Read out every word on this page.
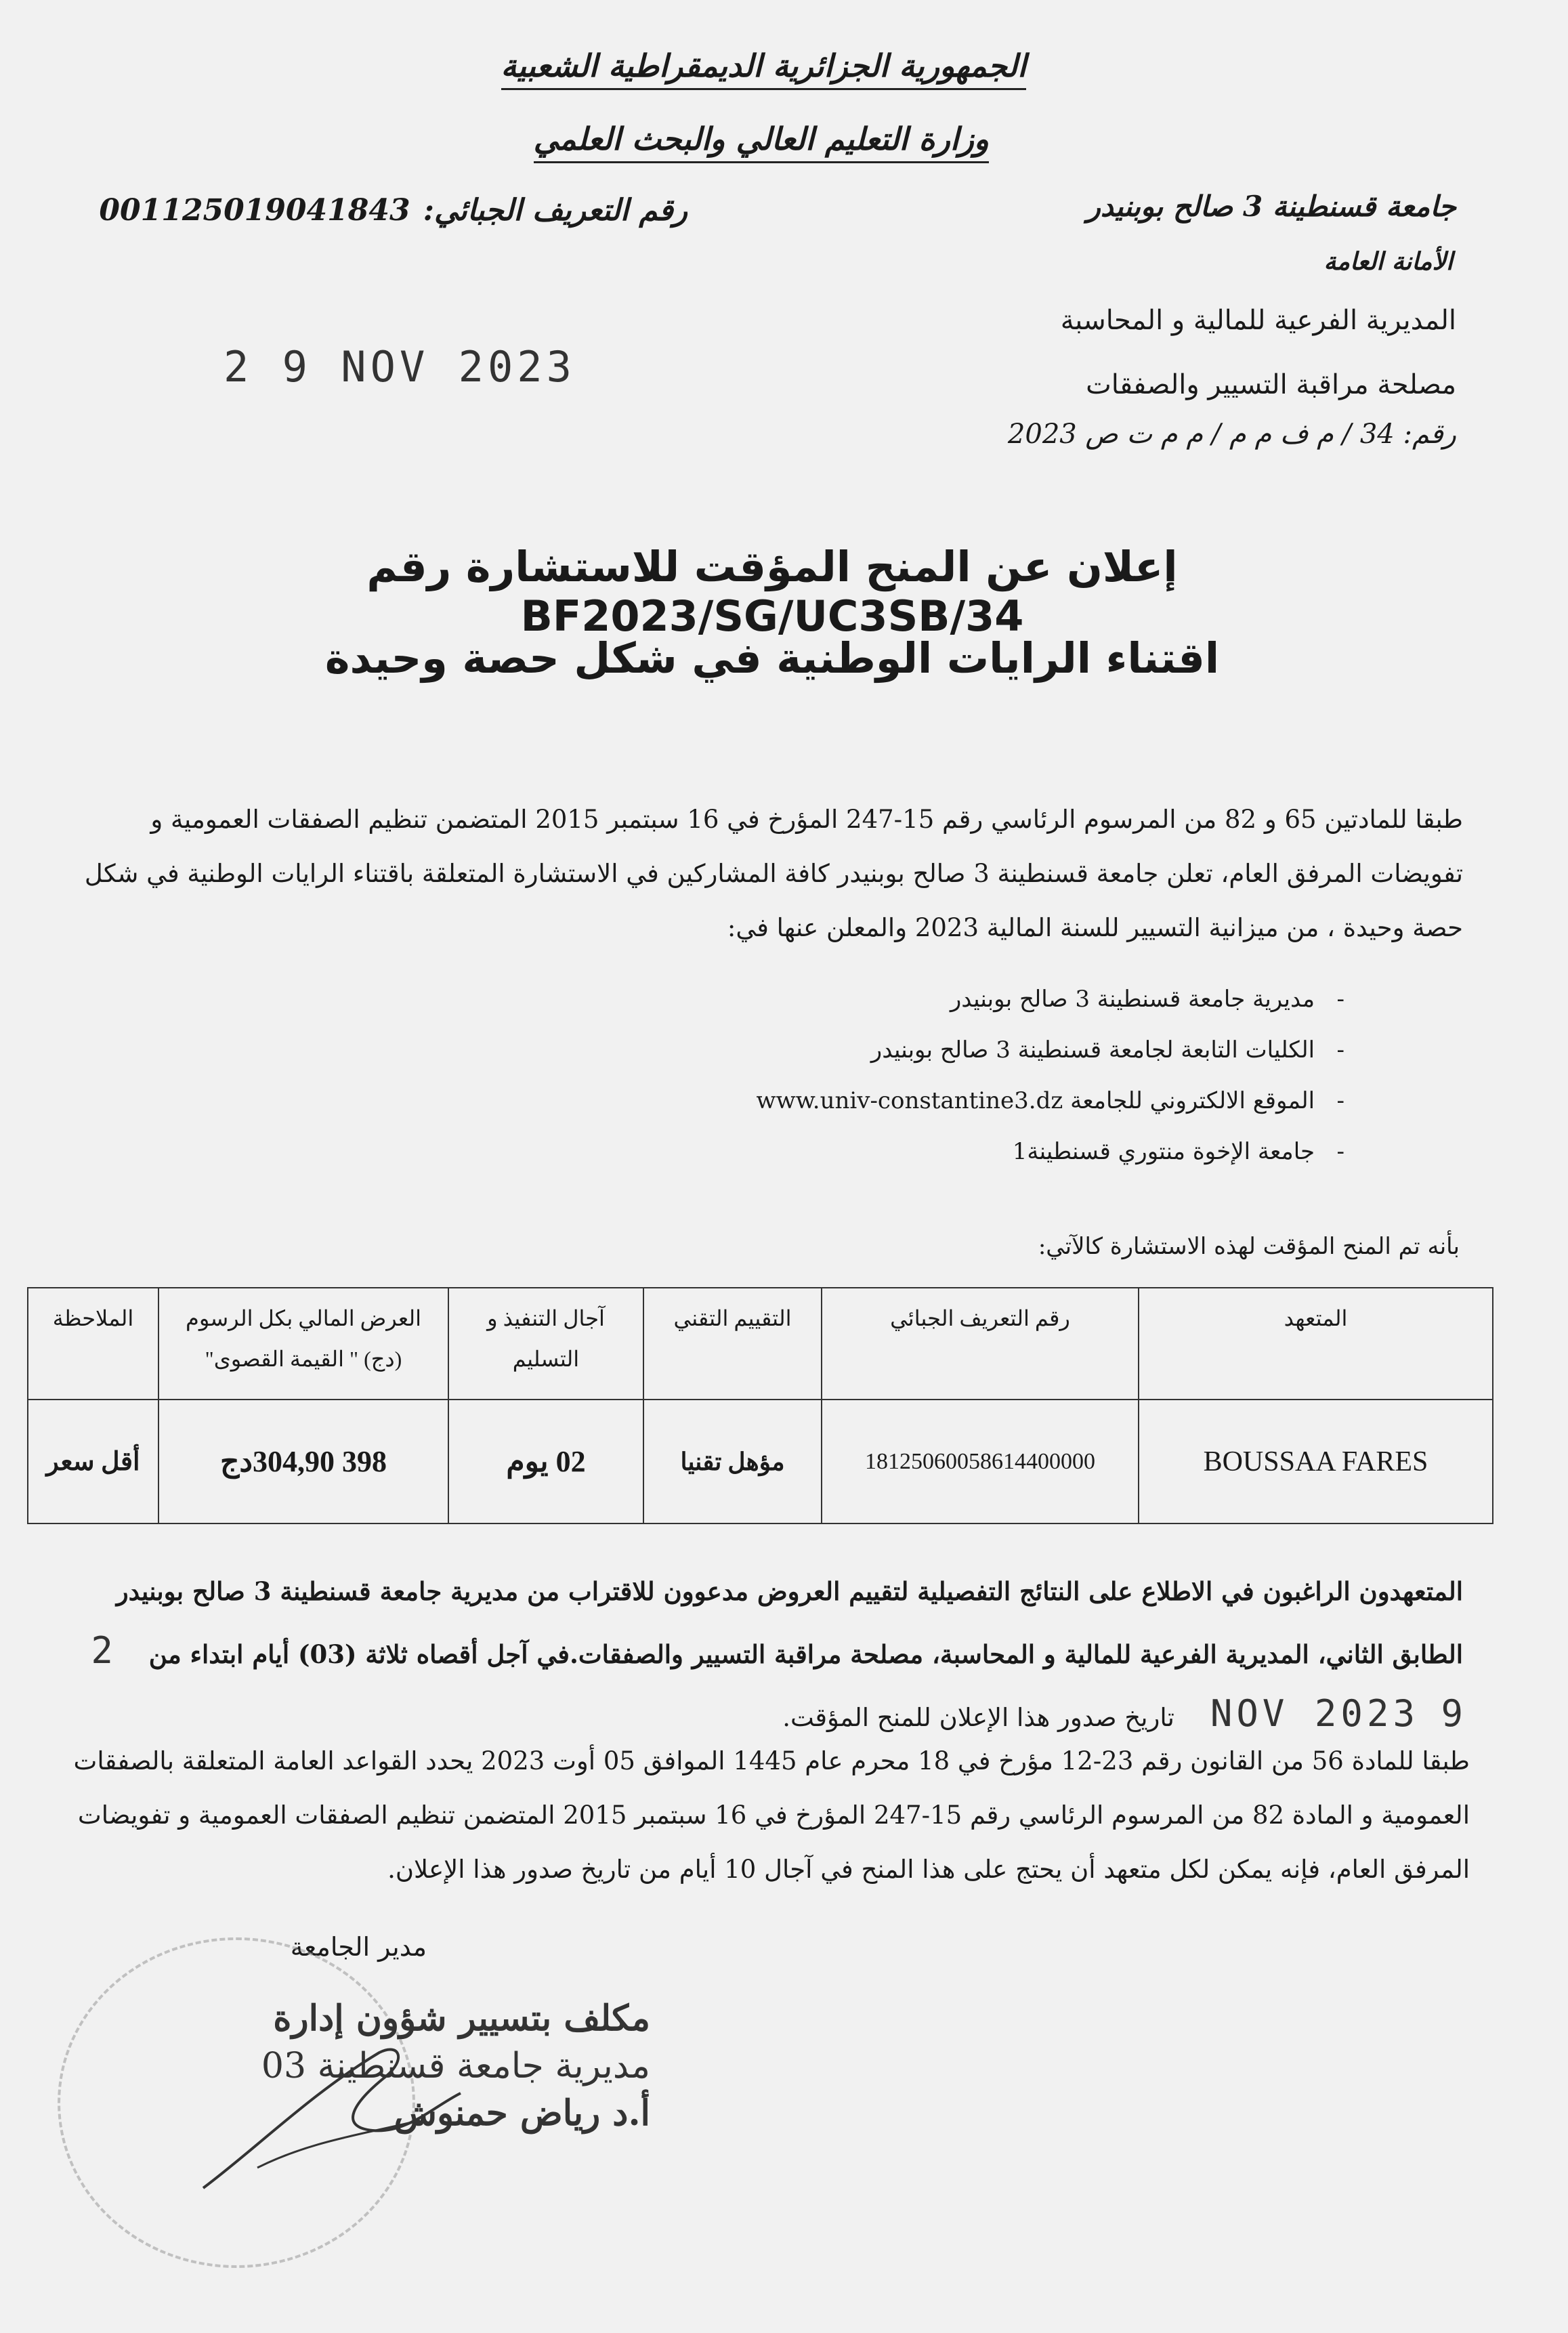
الجمهورية الجزائرية الديمقراطية الشعبية
وزارة التعليم العالي والبحث العلمي
رقم التعريف الجبائي: 001125019041843	جامعة قسنطينة 3 صالح بوبنيدر
الأمانة العامة
المديرية الفرعية للمالية و المحاسبة
مصلحة مراقبة التسيير والصفقات
رقم: 34 / م ف م م / م م ت ص 2023
2 9 NOV 2023
إعلان عن المنح المؤقت للاستشارة رقم BF2023/SG/UC3SB/34
اقتناء الرايات الوطنية في شكل حصة وحيدة
طبقا للمادتين 65 و 82 من المرسوم الرئاسي رقم 15-247 المؤرخ في 16 سبتمبر 2015 المتضمن تنظيم الصفقات العمومية و تفويضات المرفق العام، تعلن جامعة قسنطينة 3 صالح بوبنيدر كافة المشاركين في الاستشارة المتعلقة باقتناء الرايات الوطنية في شكل حصة وحيدة ، من ميزانية التسيير للسنة المالية 2023 والمعلن عنها في:
-   مديرية جامعة قسنطينة 3 صالح بوبنيدر
-   الكليات التابعة لجامعة قسنطينة 3 صالح بوبنيدر
-   الموقع الالكتروني للجامعة www.univ-constantine3.dz
-   جامعة الإخوة منتوري قسنطينة1
بأنه تم المنح المؤقت لهذه الاستشارة كالآتي:
المتعهد	رقم التعريف الجبائي	التقييم التقني	آجال التنفيذ و التسليم	العرض المالي بكل الرسوم (دج) " القيمة القصوى"	الملاحظة
BOUSSAA FARES	18125060058614400000	مؤهل تقنيا	02 يوم	398 304,90دج	أقل سعر
المتعهدون الراغبون في الاطلاع على النتائج التفصيلية لتقييم العروض مدعوون للاقتراب من مديرية جامعة قسنطينة 3 صالح بوبنيدر الطابق الثاني، المديرية الفرعية للمالية و المحاسبة، مصلحة مراقبة التسيير والصفقات.في آجل أقصاه ثلاثة (03) أيام ابتداء من 2 9 NOV 2023 تاريخ صدور هذا الإعلان للمنح المؤقت.
طبقا للمادة 56 من القانون رقم 23-12 مؤرخ في 18 محرم عام 1445 الموافق 05 أوت 2023 يحدد القواعد العامة المتعلقة بالصفقات العمومية و المادة 82 من المرسوم الرئاسي رقم 15-247 المؤرخ في 16 سبتمبر 2015 المتضمن تنظيم الصفقات العمومية و تفويضات المرفق العام، فإنه يمكن لكل متعهد أن يحتج على هذا المنح في آجال 10 أيام من تاريخ صدور هذا الإعلان.
مدير الجامعة
مكلف بتسيير شؤون إدارة
مديرية جامعة قسنطينة 03
أ.د رياض حمنوش
